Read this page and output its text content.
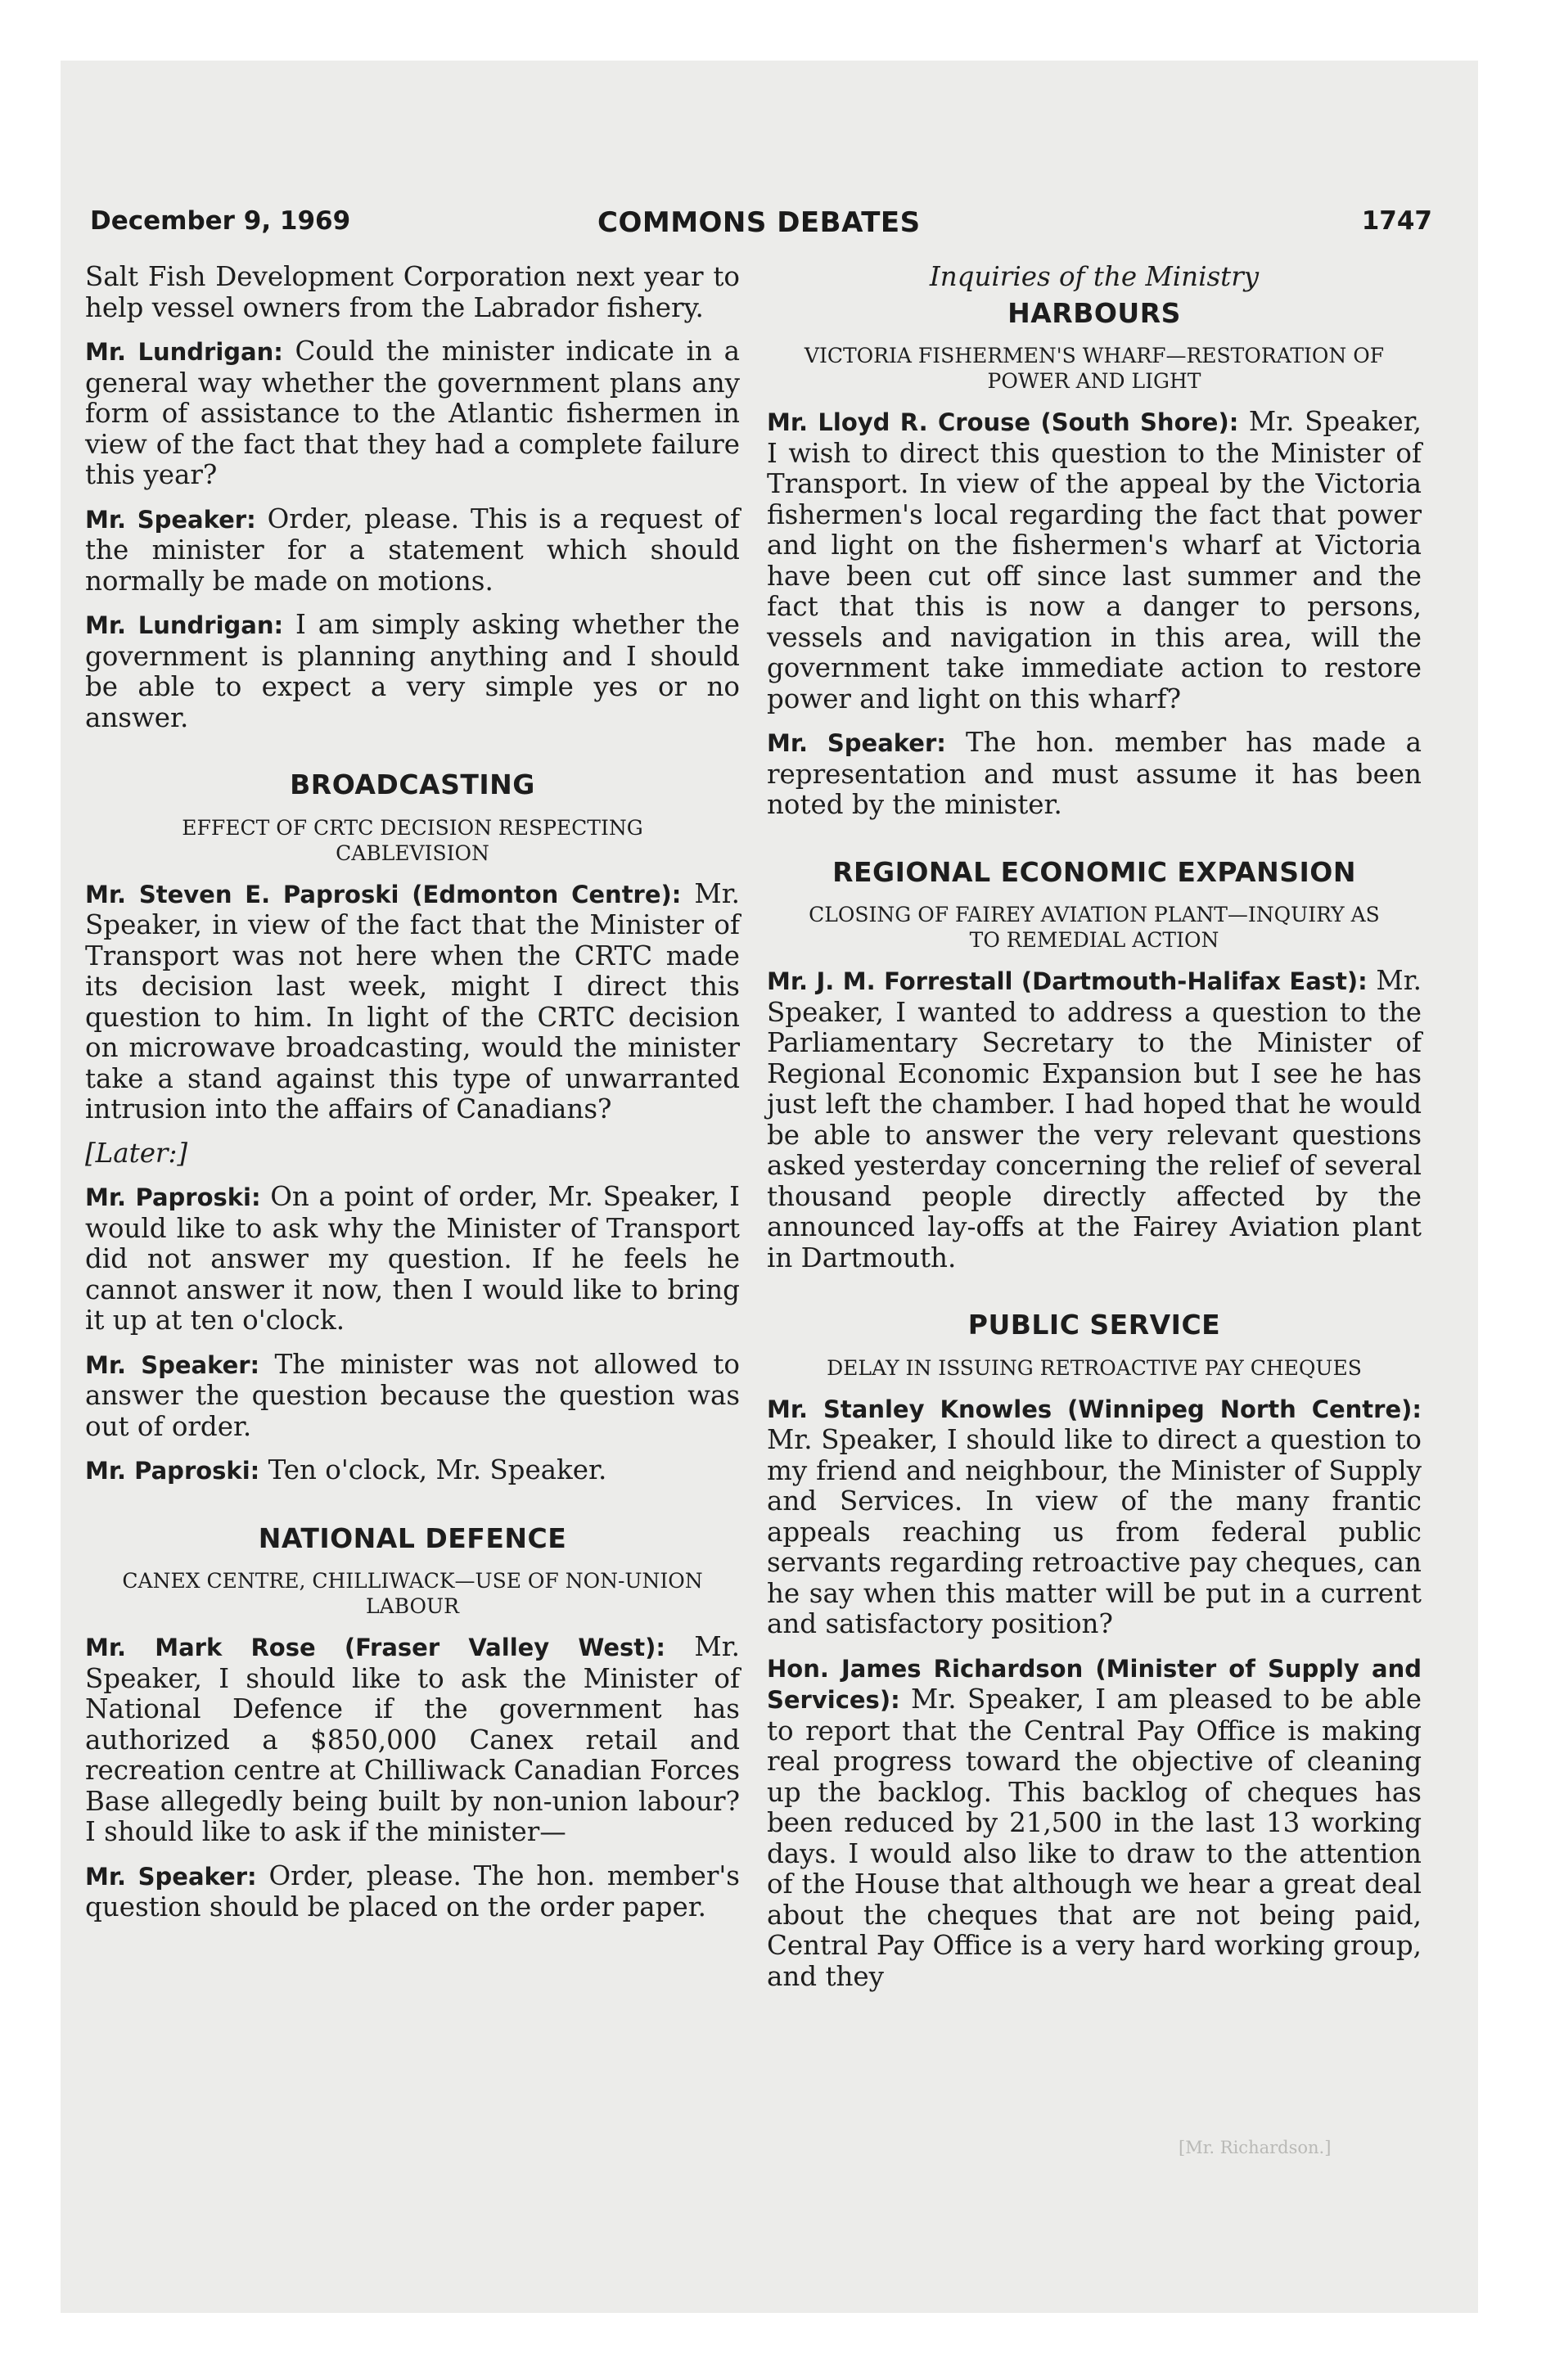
December 9, 1969	COMMONS DEBATES	1747

Salt Fish Development Corporation next year to help vessel owners from the Labrador fishery.

Mr. Lundrigan: Could the minister indicate in a general way whether the government plans any form of assistance to the Atlantic fishermen in view of the fact that they had a complete failure this year?

Mr. Speaker: Order, please. This is a request of the minister for a statement which should normally be made on motions.

Mr. Lundrigan: I am simply asking whether the government is planning anything and I should be able to expect a very simple yes or no answer.

BROADCASTING
EFFECT OF CRTC DECISION RESPECTING CABLEVISION

Mr. Steven E. Paproski (Edmonton Centre): Mr. Speaker, in view of the fact that the Minister of Transport was not here when the CRTC made its decision last week, might I direct this question to him. In light of the CRTC decision on microwave broadcasting, would the minister take a stand against this type of unwarranted intrusion into the affairs of Canadians?

[Later:]

Mr. Paproski: On a point of order, Mr. Speaker, I would like to ask why the Minister of Transport did not answer my question. If he feels he cannot answer it now, then I would like to bring it up at ten o'clock.

Mr. Speaker: The minister was not allowed to answer the question because the question was out of order.

Mr. Paproski: Ten o'clock, Mr. Speaker.

NATIONAL DEFENCE
CANEX CENTRE, CHILLIWACK—USE OF NON-UNION LABOUR

Mr. Mark Rose (Fraser Valley West): Mr. Speaker, I should like to ask the Minister of National Defence if the government has authorized a $850,000 Canex retail and recreation centre at Chilliwack Canadian Forces Base allegedly being built by non-union labour? I should like to ask if the minister—

Mr. Speaker: Order, please. The hon. member's question should be placed on the order paper.

Inquiries of the Ministry
HARBOURS
VICTORIA FISHERMEN'S WHARF—RESTORATION OF POWER AND LIGHT

Mr. Lloyd R. Crouse (South Shore): Mr. Speaker, I wish to direct this question to the Minister of Transport. In view of the appeal by the Victoria fishermen's local regarding the fact that power and light on the fishermen's wharf at Victoria have been cut off since last summer and the fact that this is now a danger to persons, vessels and navigation in this area, will the government take immediate action to restore power and light on this wharf?

Mr. Speaker: The hon. member has made a representation and must assume it has been noted by the minister.

REGIONAL ECONOMIC EXPANSION
CLOSING OF FAIREY AVIATION PLANT—INQUIRY AS TO REMEDIAL ACTION

Mr. J. M. Forrestall (Dartmouth-Halifax East): Mr. Speaker, I wanted to address a question to the Parliamentary Secretary to the Minister of Regional Economic Expansion but I see he has just left the chamber. I had hoped that he would be able to answer the very relevant questions asked yesterday concerning the relief of several thousand people directly affected by the announced lay-offs at the Fairey Aviation plant in Dartmouth.

PUBLIC SERVICE
DELAY IN ISSUING RETROACTIVE PAY CHEQUES

Mr. Stanley Knowles (Winnipeg North Centre): Mr. Speaker, I should like to direct a question to my friend and neighbour, the Minister of Supply and Services. In view of the many frantic appeals reaching us from federal public servants regarding retroactive pay cheques, can he say when this matter will be put in a current and satisfactory position?

Hon. James Richardson (Minister of Supply and Services): Mr. Speaker, I am pleased to be able to report that the Central Pay Office is making real progress toward the objective of cleaning up the backlog. This backlog of cheques has been reduced by 21,500 in the last 13 working days. I would also like to draw to the attention of the House that although we hear a great deal about the cheques that are not being paid, Central Pay Office is a very hard working group, and they

[Mr. Richardson.]
